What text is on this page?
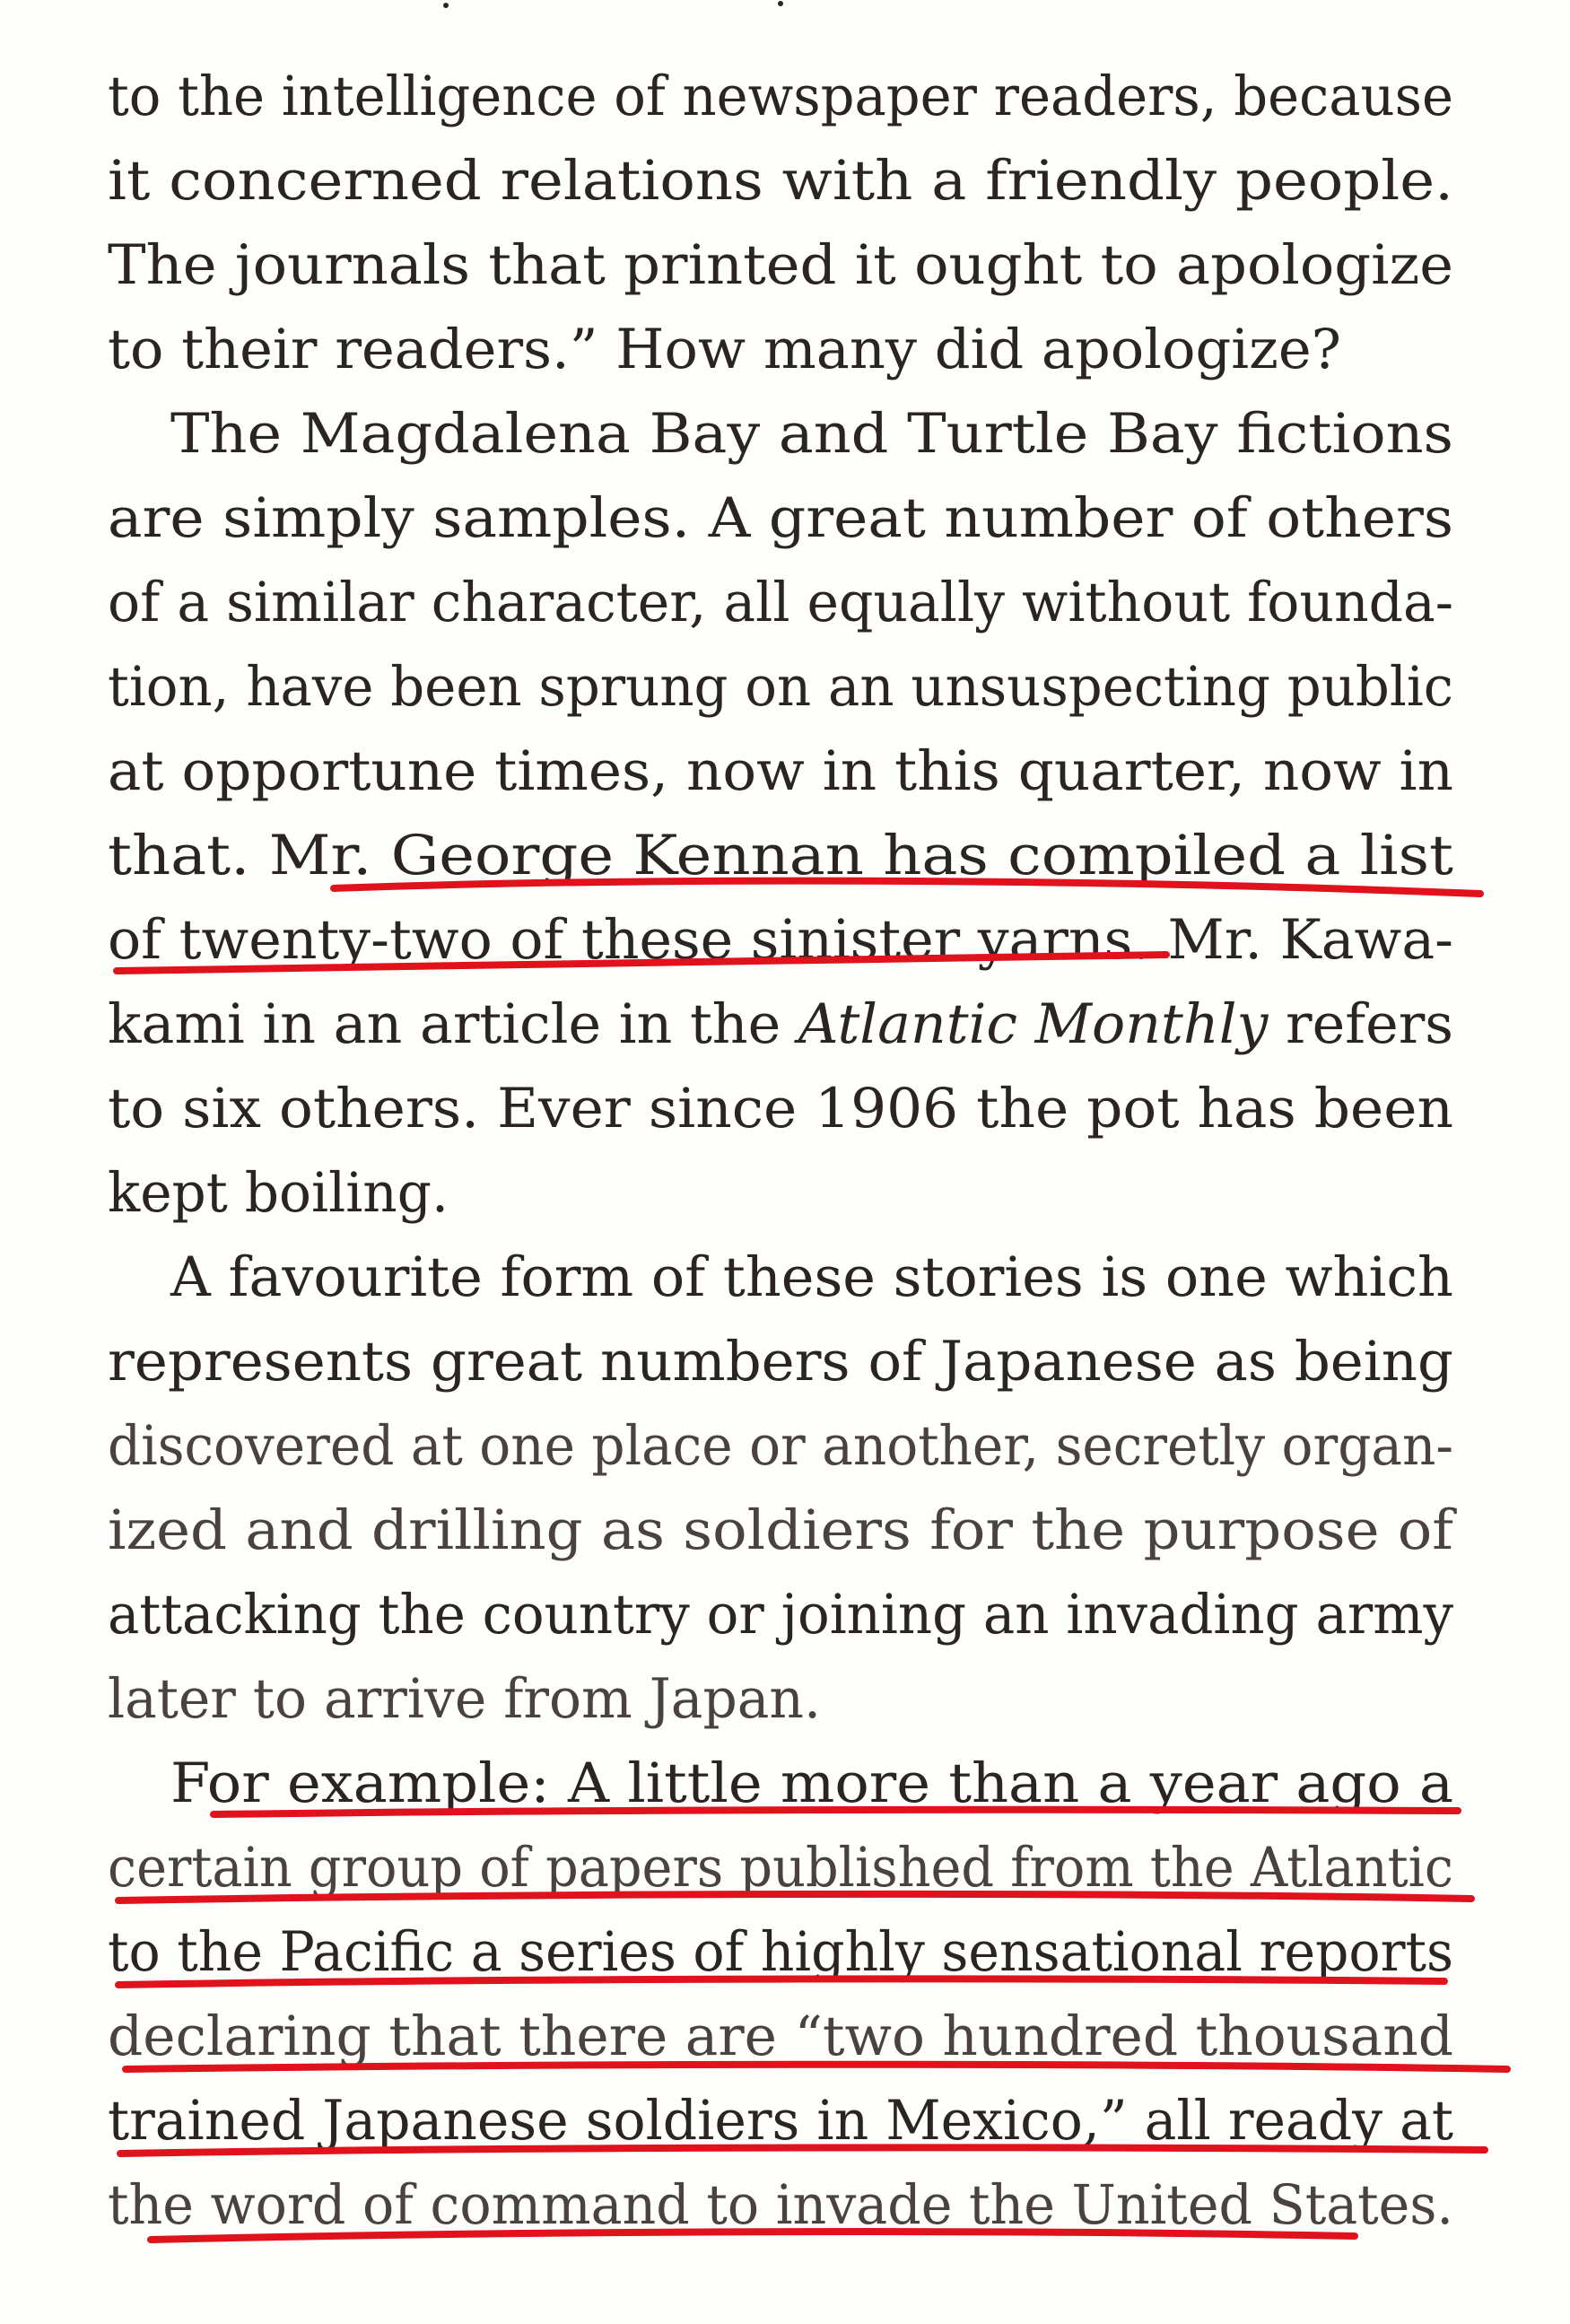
to the intelligence of newspaper readers, because
it concerned relations with a friendly people.
The journals that printed it ought to apologize
to their readers.” How many did apologize?
The Magdalena Bay and Turtle Bay fictions
are simply samples. A great number of others
of a similar character, all equally without founda-
tion, have been sprung on an unsuspecting public
at opportune times, now in this quarter, now in
that. Mr. George Kennan has compiled a list
of twenty-two of these sinister yarns. Mr. Kawa-
kami in an article in the Atlantic Monthly refers
to six others. Ever since 1906 the pot has been
kept boiling.
A favourite form of these stories is one which
represents great numbers of Japanese as being
discovered at one place or another, secretly organ-
ized and drilling as soldiers for the purpose of
attacking the country or joining an invading army
later to arrive from Japan.
For example: A little more than a year ago a
certain group of papers published from the Atlantic
to the Pacific a series of highly sensational reports
declaring that there are “two hundred thousand
trained Japanese soldiers in Mexico,” all ready at
the word of command to invade the United States.
